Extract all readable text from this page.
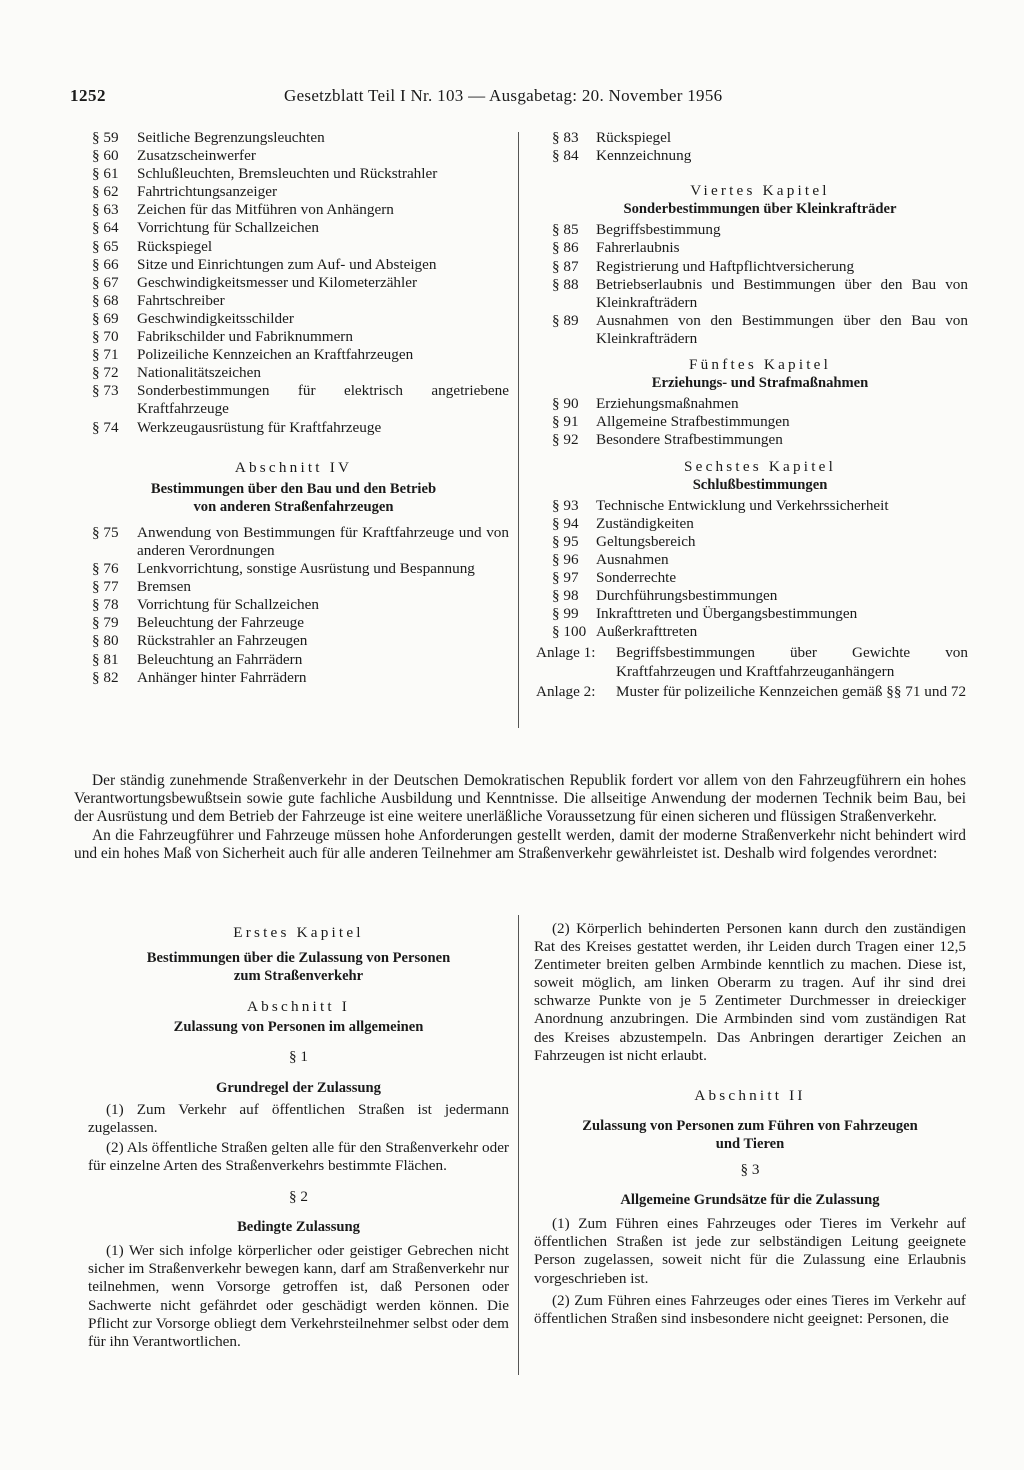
1252	Gesetzblatt Teil I Nr. 103 — Ausgabetag: 20. November 1956
§ 59	Seitliche Begrenzungsleuchten
§ 60	Zusatzscheinwerfer
§ 61	Schlußleuchten, Bremsleuchten und Rückstrahler
§ 62	Fahrtrichtungsanzeiger
§ 63	Zeichen für das Mitführen von Anhängern
§ 64	Vorrichtung für Schallzeichen
§ 65	Rückspiegel
§ 66	Sitze und Einrichtungen zum Auf- und Absteigen
§ 67	Geschwindigkeitsmesser und Kilometerzähler
§ 68	Fahrtschreiber
§ 69	Geschwindigkeitsschilder
§ 70	Fabrikschilder und Fabriknummern
§ 71	Polizeiliche Kennzeichen an Kraftfahrzeugen
§ 72	Nationalitätszeichen
§ 73	Sonderbestimmungen für elektrisch angetriebene Kraftfahrzeuge
§ 74	Werkzeugausrüstung für Kraftfahrzeuge
Abschnitt IV
Bestimmungen über den Bau und den Betrieb
von anderen Straßenfahrzeugen
§ 75	Anwendung von Bestimmungen für Kraftfahrzeuge und von anderen Verordnungen
§ 76	Lenkvorrichtung, sonstige Ausrüstung und Bespannung
§ 77	Bremsen
§ 78	Vorrichtung für Schallzeichen
§ 79	Beleuchtung der Fahrzeuge
§ 80	Rückstrahler an Fahrzeugen
§ 81	Beleuchtung an Fahrrädern
§ 82	Anhänger hinter Fahrrädern
§ 83	Rückspiegel
§ 84	Kennzeichnung
Viertes Kapitel
Sonderbestimmungen über Kleinkrafträder
§ 85	Begriffsbestimmung
§ 86	Fahrerlaubnis
§ 87	Registrierung und Haftpflichtversicherung
§ 88	Betriebserlaubnis und Bestimmungen über den Bau von Kleinkrafträdern
§ 89	Ausnahmen von den Bestimmungen über den Bau von Kleinkrafträdern
Fünftes Kapitel
Erziehungs- und Strafmaßnahmen
§ 90	Erziehungsmaßnahmen
§ 91	Allgemeine Strafbestimmungen
§ 92	Besondere Strafbestimmungen
Sechstes Kapitel
Schlußbestimmungen
§ 93	Technische Entwicklung und Verkehrssicherheit
§ 94	Zuständigkeiten
§ 95	Geltungsbereich
§ 96	Ausnahmen
§ 97	Sonderrechte
§ 98	Durchführungsbestimmungen
§ 99	Inkrafttreten und Übergangsbestimmungen
§ 100 Außerkrafttreten
Anlage 1:	Begriffsbestimmungen über Gewichte von Kraftfahrzeugen und Kraftfahrzeuganhängern
Anlage 2:	Muster für polizeiliche Kennzeichen gemäß §§ 71 und 72

Der ständig zunehmende Straßenverkehr in der Deutschen Demokratischen Republik fordert vor allem von den Fahrzeugführern ein hohes Verantwortungsbewußtsein sowie gute fachliche Ausbildung und Kenntnisse. Die allseitige Anwendung der modernen Technik beim Bau, bei der Ausrüstung und dem Betrieb der Fahrzeuge ist eine weitere unerläßliche Voraussetzung für einen sicheren und flüssigen Straßenverkehr.

An die Fahrzeugführer und Fahrzeuge müssen hohe Anforderungen gestellt werden, damit der moderne Straßenverkehr nicht behindert wird und ein hohes Maß von Sicherheit auch für alle anderen Teilnehmer am Straßenverkehr gewährleistet ist. Deshalb wird folgendes verordnet:

Erstes Kapitel
Bestimmungen über die Zulassung von Personen
zum Straßenverkehr
Abschnitt I
Zulassung von Personen im allgemeinen
§ 1
Grundregel der Zulassung

(1) Zum Verkehr auf öffentlichen Straßen ist jedermann zugelassen.

(2) Als öffentliche Straßen gelten alle für den Straßenverkehr oder für einzelne Arten des Straßenverkehrs bestimmte Flächen.

§ 2
Bedingte Zulassung

(1) Wer sich infolge körperlicher oder geistiger Gebrechen nicht sicher im Straßenverkehr bewegen kann, darf am Straßenverkehr nur teilnehmen, wenn Vorsorge getroffen ist, daß Personen oder Sachwerte nicht gefährdet oder geschädigt werden können. Die Pflicht zur Vorsorge obliegt dem Verkehrsteilnehmer selbst oder dem für ihn Verantwortlichen.

(2) Körperlich behinderten Personen kann durch den zuständigen Rat des Kreises gestattet werden, ihr Leiden durch Tragen einer 12,5 Zentimeter breiten gelben Armbinde kenntlich zu machen. Diese ist, soweit möglich, am linken Oberarm zu tragen. Auf ihr sind drei schwarze Punkte von je 5 Zentimeter Durchmesser in dreieckiger Anordnung anzubringen. Die Armbinden sind vom zuständigen Rat des Kreises abzustempeln. Das Anbringen derartiger Zeichen an Fahrzeugen ist nicht erlaubt.

Abschnitt II
Zulassung von Personen zum Führen von Fahrzeugen
und Tieren
§ 3
Allgemeine Grundsätze für die Zulassung

(1) Zum Führen eines Fahrzeuges oder Tieres im Verkehr auf öffentlichen Straßen ist jede zur selbständigen Leitung geeignete Person zugelassen, soweit nicht für die Zulassung eine Erlaubnis vorgeschrieben ist.

(2) Zum Führen eines Fahrzeuges oder eines Tieres im Verkehr auf öffentlichen Straßen sind insbesondere nicht geeignet: Personen, die
